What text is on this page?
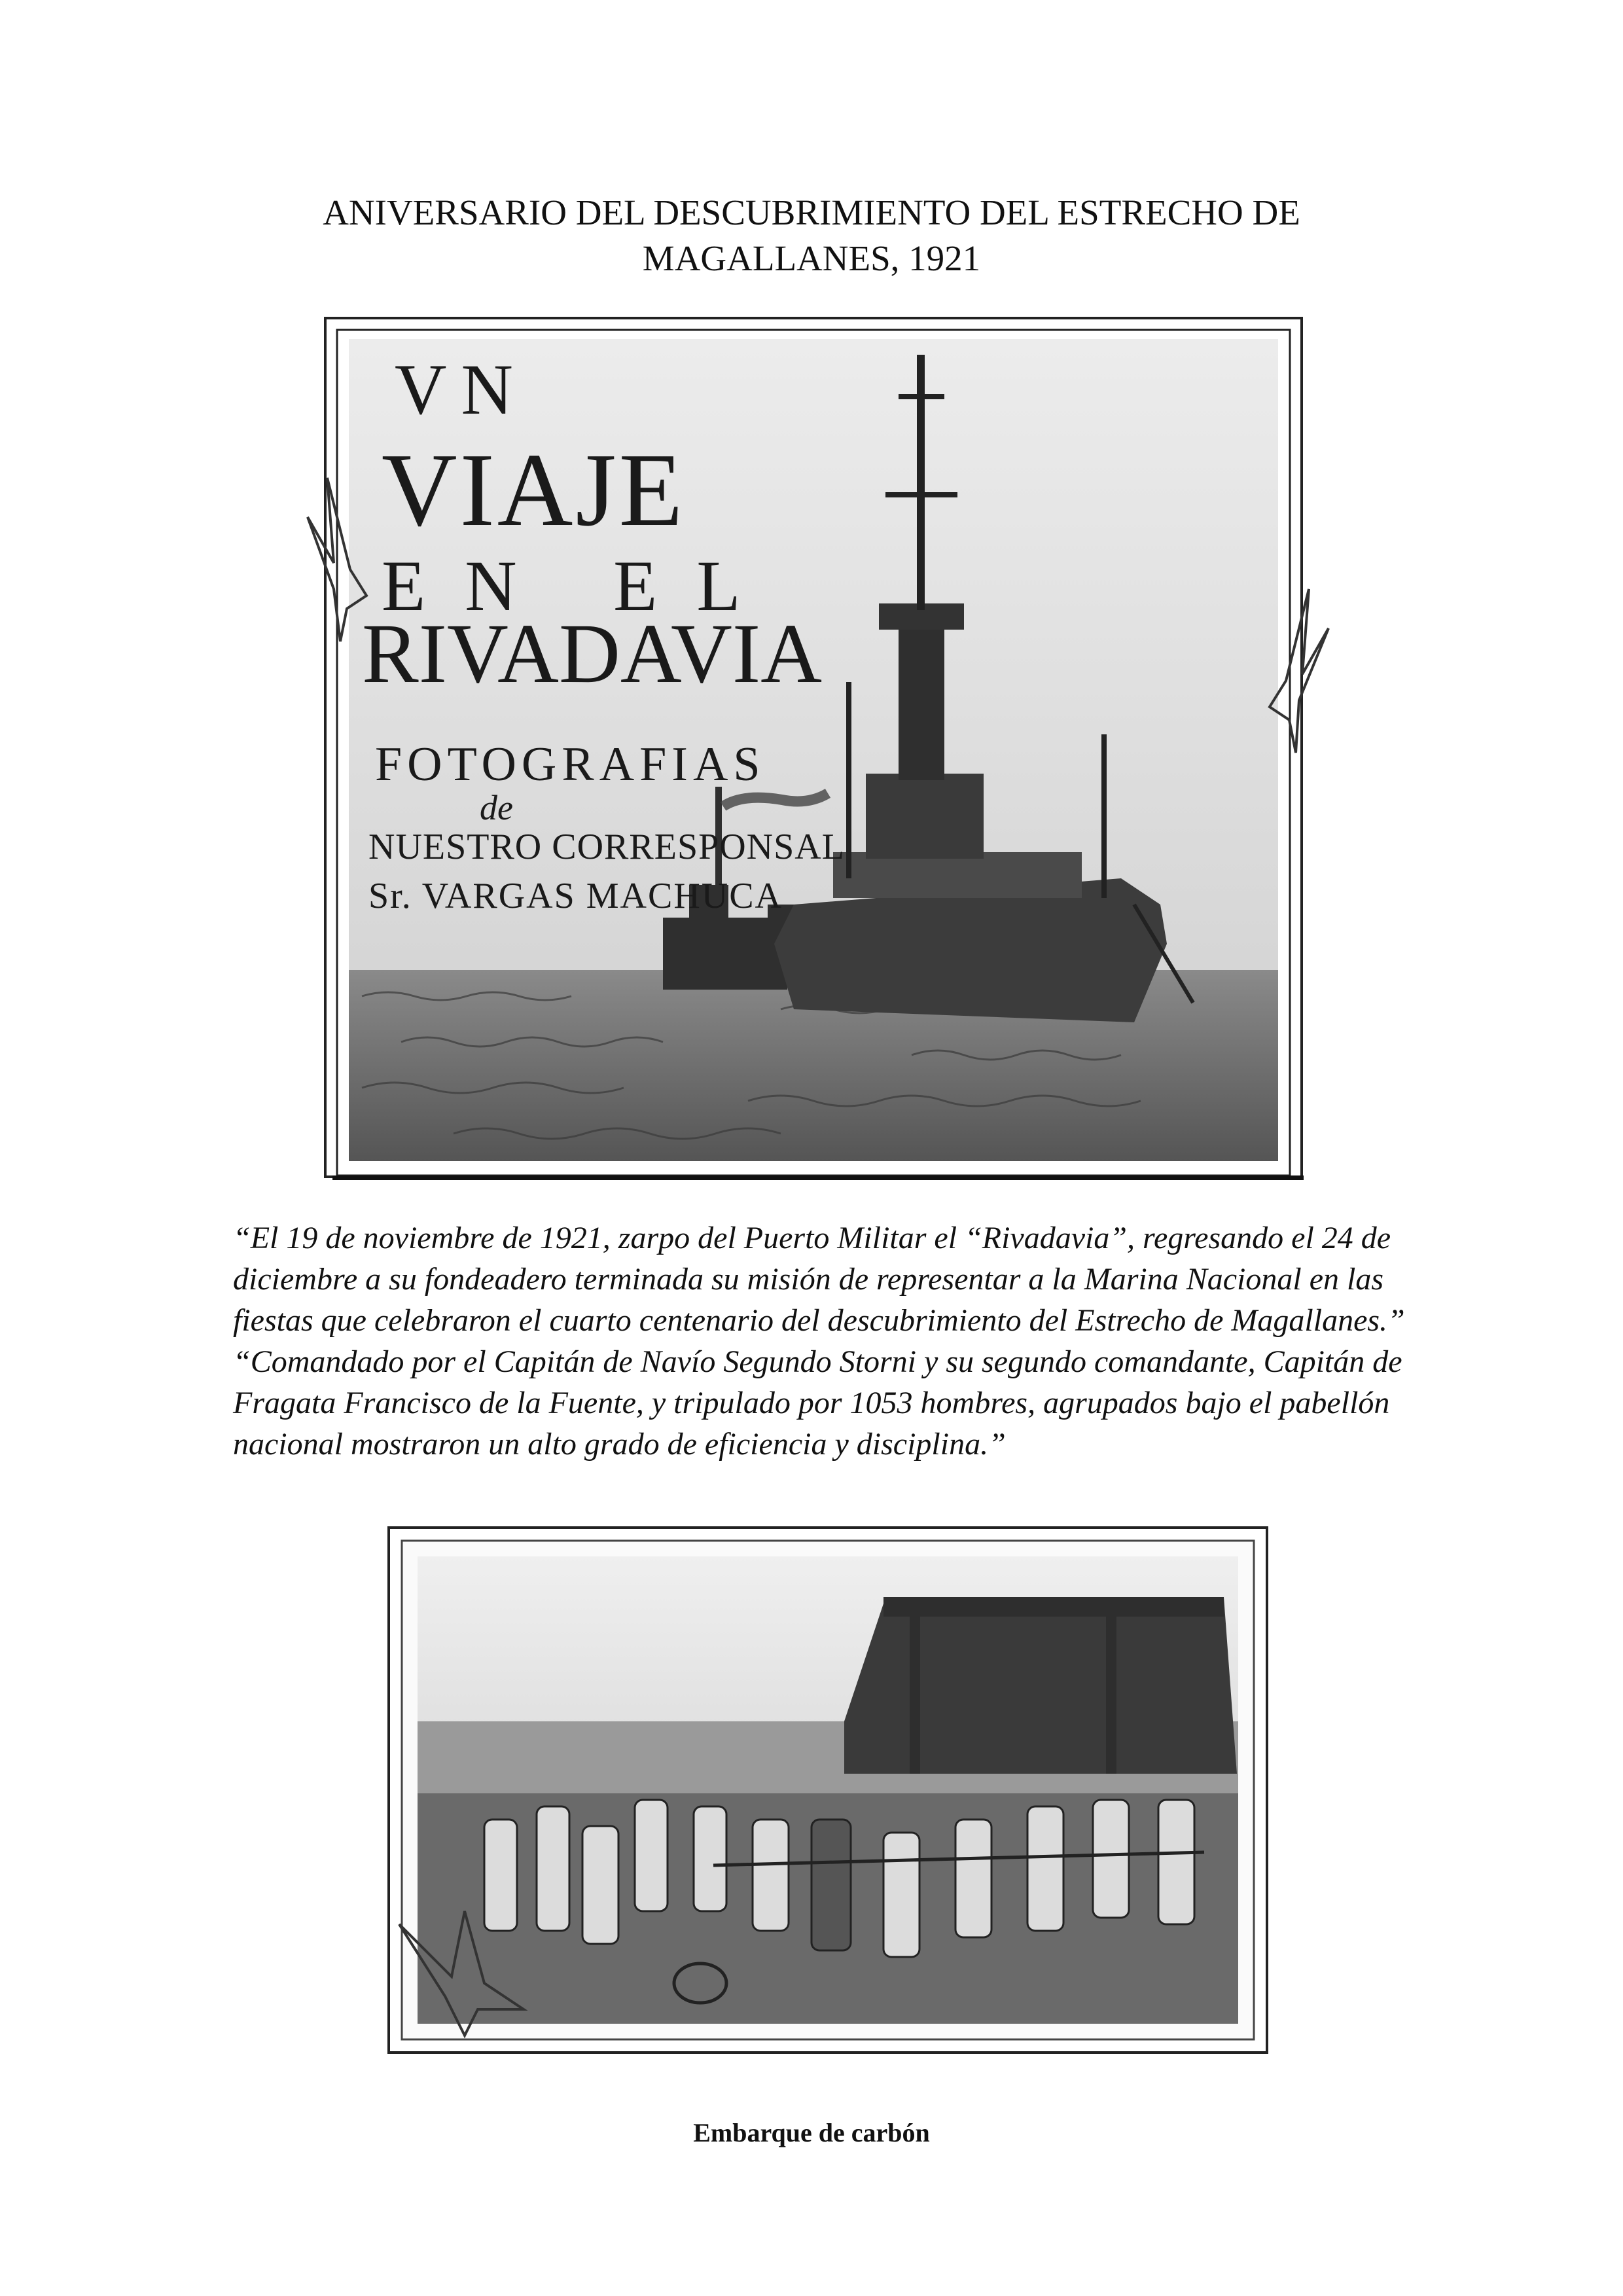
ANIVERSARIO DEL DESCUBRIMIENTO DEL ESTRECHO DE MAGALLANES, 1921
VN
VIAJE
EN EL
RIVADAVIA
FOTOGRAFIAS
de
NUESTRO CORRESPONSAL
Sr. VARGAS MACHUCA

“El 19 de noviembre de 1921, zarpo del Puerto Militar el “Rivadavia”, regresando el 24 de diciembre a su fondeadero terminada su misión de representar a la Marina Nacional en las fiestas que celebraron el cuarto centenario del descubrimiento del Estrecho de Magallanes.”

“Comandado por el Capitán de Navío Segundo Storni y su segundo comandante, Capitán de Fragata Francisco de la Fuente, y tripulado por 1053 hombres, agrupados bajo el pabellón nacional mostraron un alto grado de eficiencia y disciplina.”

Embarque de carbón
